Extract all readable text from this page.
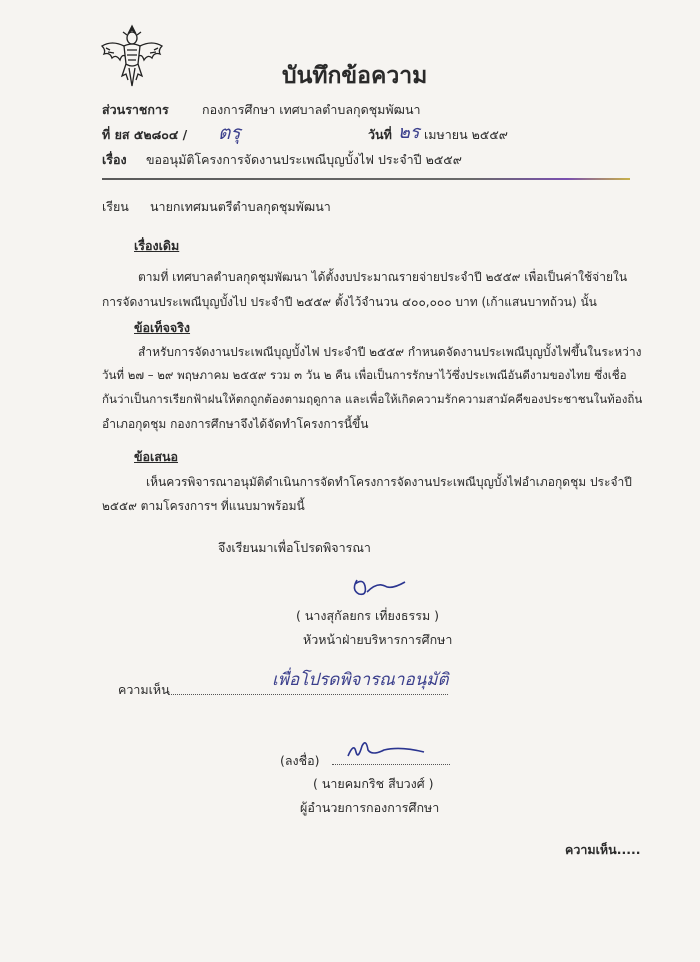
บันทึกข้อความ
ส่วนราชการ	กองการศึกษา เทศบาลตำบลกุดชุมพัฒนา
ที่ ยส ๕๒๘๐๔ / ตรุ	วันที่ ๒ร เมษายน ๒๕๕๙
เรื่อง ขออนุมัติโครงการจัดงานประเพณีบุญบั้งไฟ ประจำปี ๒๕๕๙
เรียน นายกเทศมนตรีตำบลกุดชุมพัฒนา
เรื่องเดิม
ตามที่ เทศบาลตำบลกุดชุมพัฒนา ได้ตั้งงบประมาณรายจ่ายประจำปี ๒๕๕๙ เพื่อเป็นค่าใช้จ่ายใน
การจัดงานประเพณีบุญบั้งไป ประจำปี ๒๕๕๙ ตั้งไว้จำนวน ๔๐๐,๐๐๐ บาท (เก้าแสนบาทถ้วน) นั้น
ข้อเท็จจริง
สำหรับการจัดงานประเพณีบุญบั้งไฟ ประจำปี ๒๕๕๙ กำหนดจัดงานประเพณีบุญบั้งไฟขึ้นในระหว่าง
วันที่ ๒๗ – ๒๙ พฤษภาคม ๒๕๕๙ รวม ๓ วัน ๒ คืน เพื่อเป็นการรักษาไว้ซึ่งประเพณีอันดีงามของไทย ซึ่งเชื่อ
กันว่าเป็นการเรียกฟ้าฝนให้ตกถูกต้องตามฤดูกาล และเพื่อให้เกิดความรักความสามัคคีของประชาชนในท้องถิ่น
อำเภอกุดชุม กองการศึกษาจึงได้จัดทำโครงการนี้ขึ้น
ข้อเสนอ
เห็นควรพิจารณาอนุมัติดำเนินการจัดทำโครงการจัดงานประเพณีบุญบั้งไฟอำเภอกุดชุม ประจำปี
๒๕๕๙ ตามโครงการฯ ที่แนบมาพร้อมนี้
จึงเรียนมาเพื่อโปรดพิจารณา
( นางสุกัลยกร เที่ยงธรรม )
หัวหน้าฝ่ายบริหารการศึกษา
ความเห็น	เพื่อโปรดพิจารณาอนุมัติ
(ลงชื่อ)
( นายคมกริช สีบวงศ์ )
ผู้อำนวยการกองการศึกษา
ความเห็น.....
